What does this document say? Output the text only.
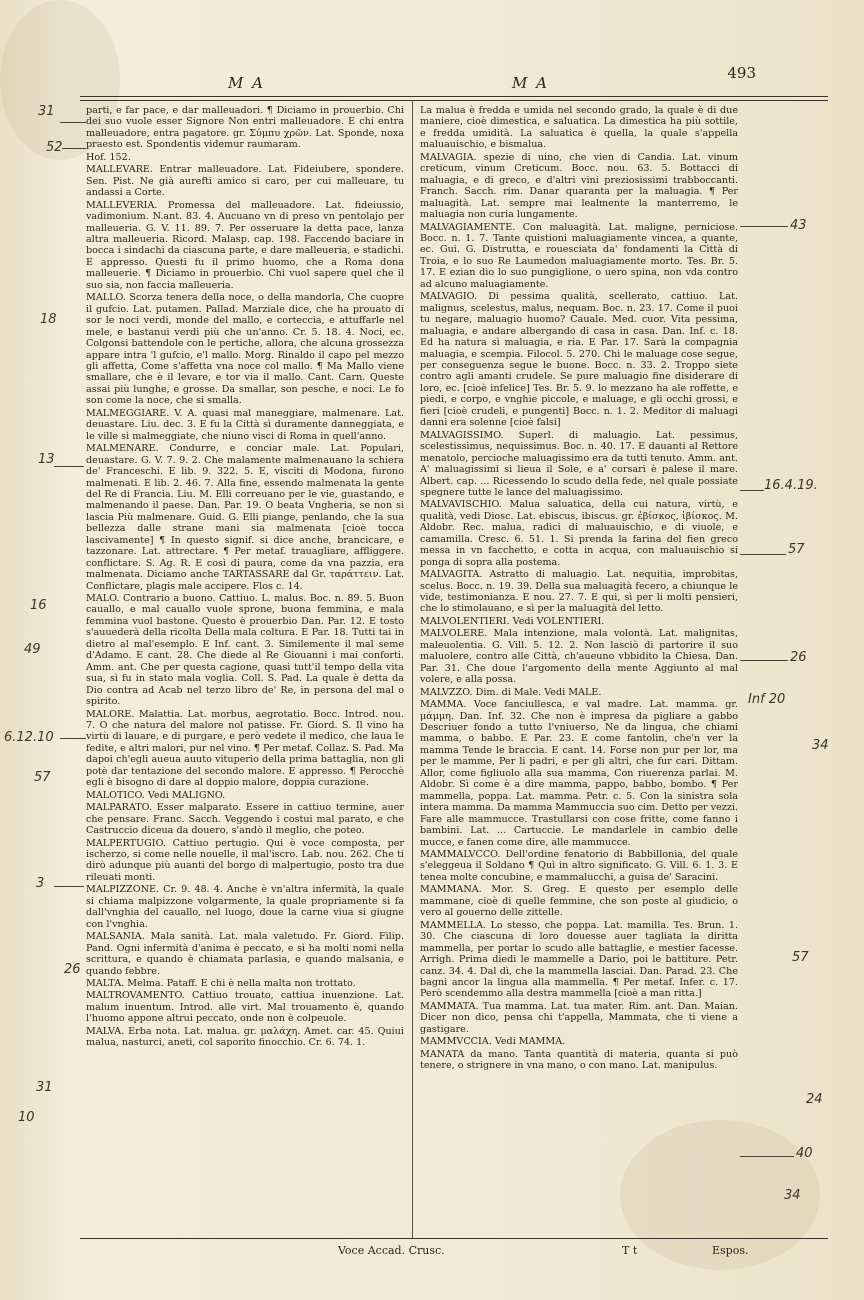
M A	M A
493

parti, e far pace, e dar malleuadori. ¶ Diciamo in prouerbio. Chi dei suo vuole esser Signore Non entri malleuadore. E chi entra malleuadore, entra pagatore. gr. Σύμπυ χρῶν. Lat. Sponde, noxa praesto est. Spondentis videmur raumaram.

Hof. 152.

MALLEVARE. Entrar malleuadore. Lat. Fideiubere, spondere. Sen. Pist. Ne già aurefti amico si caro, per cui malleuare, tu andassi a Corte.

MALLEVERIA. Promessa del malleuadore. Lat. fideiussio, vadimonium. N.ant. 83. 4. Aucuano vn di preso vn pentolajo per malleueria. G. V. 11. 89. 7. Per osseruare la detta pace, lanza altra malleueria. Ricord. Malasp. cap. 198. Faccendo baciare in bocca i sindachi da ciascuna parte, e dare malleueria, e stadichi. E appresso. Questi fu il primo huomo, che a Roma dona malleuerie. ¶ Diciamo in prouerbio. Chi vuol sapere quel che il suo sia, non faccia malleueria.

MALLO. Scorza tenera della noce, o della mandorla, Che cuopre il gufcio. Lat. putamen. Pallad. Marziale dice, che ha prouato di sor le noci verdi, monde del mallo, e corteccia, e attuffarle nel mele, e bastanui verdi più che un'anno. Cr. 5. 18. 4. Noci, ec. Colgonsi battendole con le pertiche, allora, che alcuna grossezza appare intra 'l gufcio, e'l mallo. Morg. Rinaldo il capo pel mezzo gli affetta, Come s'affetta vna noce col mallo. ¶ Ma Mallo viene smallare, che è il levare, e tor via il mallo. Cant. Carn. Queste assai più lunghe, e grosse. Da smallar, son pesche, e noci. Le fo son come la noce, che si smalla.

MALMEGGIARE. V. A. quasi mal maneggiare, malmenare. Lat. deuastare. Liu. dec. 3. E fu la Città sì duramente danneggiata, e le ville sì malmeggiate, che niuno visci di Roma in quell'anno.

MALMENARE. Condurre, e conciar male. Lat. Populari, deuastare. G. V. 7. 9. 2. Che malamente malmenauano la schiera de' Franceschi. E lib. 9. 322. 5. E, visciti di Modona, furono malmenati. E lib. 2. 46. 7. Alla fine, essendo malmenata la gente del Re di Francia. Liu. M. Elli correuano per le vie, guastando, e malmenando il paese. Dan. Par. 19. O beata Vngheria, se non si lascia Più malmenare. Guid. G. Elli piange, penlando, che la sua bellezza dalle strane mani sia malmenata [cioè tocca lascivamente] ¶ In questo signif. si dice anche, brancicare, e tazzonare. Lat. attrectare. ¶ Per metaf. trauagliare, affliggere. conflictare. S. Ag. R. E così di paura, come da vna pazzia, era malmenata. Diciamo anche TARTASSARE dal Gr. ταράττειν. Lat. Conflictare, plagis male accipere. Flos c. 14.

MALO. Contrario a buono. Cattiuo. L. malus. Boc. n. 89. 5. Buon cauallo, e mal cauallo vuole sprone, buona femmina, e mala femmina vuol bastone. Questo è prouerbio Dan. Par. 12. E tosto s'auuederà della ricolta Della mala coltura. E Par. 18. Tutti tai in dietro al mal'esemplo. E Inf. cant. 3. Similemente il mal seme d'Adamo. E cant. 28. Che diede al Re Giouanni i mai conforti. Amm. ant. Che per questa cagione, quasi tutt'il tempo della vita sua, sì fu in stato mala voglia. Coll. S. Pad. La quale è detta da Dio contra ad Acab nel terzo libro de' Re, in persona del mal o spirito.

MALORE. Malattia. Lat. morbus, aegrotatio. Bocc. Introd. nou. 7. O che natura del malore nol patisse. Fr. Giord. S. Il vino ha virtù di lauare, e di purgare, e però vedete il medico, che laua le fedite, e altri malori, pur nel vino. ¶ Per metaf. Collaz. S. Pad. Ma dapoi ch'egli aueua auuto vituperio della prima battaglia, non gli potè dar tentazione del secondo malore. E appresso. ¶ Perocchè egli è bisogno di dare al doppio malore, doppia curazione.

MALOTICO. Vedi MALIGNO.

MALPARATO. Esser malparato. Essere in cattiuo termine, auer che pensare. Franc. Sacch. Veggendo i costui mal parato, e che Castruccio diceua da douero, s'andò il meglio, che poteo.

MALPERTUGIO. Cattiuo pertugio. Qui è voce composta, per ischerzo, si come nelle nouelle, il mal'iscro. Lab. nou. 262. Che ti dirò adunque più auanti del borgo di malpertugio, posto tra due rileuati monti.

MALPIZZONE. Cr. 9. 48. 4. Anche è vn'altra infermità, la quale si chiama malpizzone volgarmente, la quale propriamente si fa dall'vnghia del cauallo, nel luogo, doue la carne viua si giugne con l'vnghia.

MALSANIA. Mala sanità. Lat. mala valetudo. Fr. Giord. Filip. Pand. Ogni infermità d'anima è peccato, e sì ha molti nomi nella scrittura, e quando è chiamata parlasia, e quando malsania, e quando febbre.

MALTA. Melma. Pataff. E chi è nella malta non trottato.

MALTROVAMENTO. Cattiuo trouato, cattiua inuenzione. Lat. malum inuentum. Introd. alle virt. Mal trouamento è, quando l'huomo appone altrui peccato, onde non è colpeuole.

MALVA. Erba nota. Lat. malua. gr. μαλάχη. Amet. car. 45. Quiui malua, nasturci, aneti, col saporito finocchio. Cr. 6. 74. 1.

La malua è fredda e umida nel secondo grado, la quale è di due maniere, cioè dimestica, e saluatica. La dimestica ha più sottile, e fredda umidità. La saluatica è quella, la quale s'appella maluauischio, e bismalua.

MALVAGIA. spezie di uino, che vien di Candia. Lat. vinum creticum, vinum Creticum. Bocc. nou. 63. 5. Bottacci di maluagia, e di greco, e d'altri vini preziosissimi trabboccanti. Franch. Sacch. rim. Danar quaranta per la maluagia. ¶ Per maluagità. Lat. sempre mai lealmente la manterremo, le maluagia non curia lungamente.

MALVAGIAMENTE. Con maluagità. Lat. maligne, perniciose. Bocc. n. 1. 7. Tante quistioni maluagiamente vincea, a quante, ec. Gui. G. Distrutta, e rouesciata da' fondamenti la Città di Troia, e lo suo Re Laumedon maluagiamente morto. Tes. Br. 5. 17. E ezian dio lo suo pungiglione, o uero spina, non vda contro ad alcuno maluagiamente.

MALVAGIO. Di pessima qualità, scellerato, cattiuo. Lat. malignus, scelestus, malus, nequam. Boc. n. 23. 17. Come il puoi tu negare, maluagio huomo? Cauale. Med. cuor. Vita pessima, maluagia, e andare albergando di casa in casa. Dan. Inf. c. 18. Ed ha natura sì maluagia, e ria. E Par. 17. Sarà la compagnia maluagia, e scempia. Filocol. 5. 270. Chi le maluage cose segue, per conseguenza segue le buone. Bocc. n. 33. 2. Troppo siete contro agli amanti crudele. Se pure maluagio fine disiderare di loro, ec. [cioè infelice] Tes. Br. 5. 9. lo mezzano ha ale roffette, e piedi, e corpo, e vnghie piccole, e maluage, e gli occhi grossi, e fieri [cioè crudeli, e pungenti] Bocc. n. 1. 2. Meditor di maluagi danni era solenne [cioè falsi]

MALVAGISSIMO. Superl. di maluagio. Lat. pessimus, scelestissimus, nequissimus. Boc. n. 40. 17. E dauanti al Rettore menatolo, percioche maluagissimo era da tutti tenuto. Amm. ant. A' maluagissimi si lieua il Sole, e a' corsari è palese il mare. Albert. cap. ... Ricessendo lo scudo della fede, nel quale possiate spegnere tutte le lance del maluagissimo.

MALVAVISCHIO. Malua saluatica, della cui natura, virtù, e qualità, vedi Diosc. Lat. ebiscus, ibiscus. gr. ἐβίσκος, ἰβίσκος. M. Aldobr. Rec. malua, radici di maluauischio, e di viuole, e camamilla. Cresc. 6. 51. 1. Si prenda la farina del fien greco messa in vn facchetto, e cotta in acqua, con maluauischio si ponga di sopra alla postema.

MALVAGITA. Astratto di maluagio. Lat. nequitia, improbitas, scelus. Bocc. n. 19. 39. Della sua maluagità fecero, a chiunque le vide, testimonianza. E nou. 27. 7. E qui, sì per li molti pensieri, che lo stimolauano, e sì per la maluagità del letto.

MALVOLENTIERI. Vedi VOLENTIERI.

MALVOLERE. Mala intenzione, mala volontà. Lat. malignitas, maleuolentia. G. Vill. 5. 12. 2. Non lasciò di partorire il suo maluolere, contro alle Città, ch'aueuno vbbidito la Chiesa. Dan. Par. 31. Che doue l'argomento della mente Aggiunto al mal volere, e alla possa.

MALVZZO. Dim. di Male. Vedi MALE.

MAMMA. Voce fanciullesca, e val madre. Lat. mamma. gr. μάμμη. Dan. Inf. 32. Che non è impresa da pigliare a gabbo Descriuer fondo a tutto l'vniuerso, Ne da lingua, che chiami mamma, o babbo. E Par. 23. E come fantolin, che'n ver la mamma Tende le braccia. E cant. 14. Forse non pur per lor, ma per le mamme, Per li padri, e per gli altri, che fur cari. Dittam. Allor, come figliuolo alla sua mamma, Con riuerenza parlai. M. Aldobr. Sì come è a dire mamma, pappo, babbo, bombo. ¶ Per mammella, poppa. Lat. mamma. Petr. c. 5. Con la sinistra sola intera mamma. Da mamma Mammuccia suo cim. Detto per vezzi. Fare alle mammucce. Trastullarsi con cose fritte, come fanno i bambini. Lat. ... Cartuccie. Le mandarlele in cambio delle mucce, e fanen come dire, alle mammucce.

MAMMALVCCO. Dell'ordine fenatorio di Babbillonia, del quale s'eleggeua il Soldano ¶ Quì in altro significato. G. Vill. 6. 1. 3. E tenea molte concubine, e mammalucchi, a guisa de' Saracini.

MAMMANA. Mor. S. Greg. E questo per esemplo delle mammane, cioè di quelle femmine, che son poste al giudicio, o vero al gouerno delle zittelle.

MAMMELLA. Lo stesso, che poppa. Lat. mamilla. Tes. Brun. 1. 30. Che ciascuna di loro douesse auer tagliata la diritta mammella, per portar lo scudo alle battaglie, e mestier facesse. Arrigh. Prima diedi le mammelle a Dario, poi le battiture. Petr. canz. 34. 4. Dal dì, che la mammella lasciai. Dan. Parad. 23. Che bagni ancor la lingua alla mammella. ¶ Per metaf. Infer. c. 17. Però scendemmo alla destra mammella [cioè a man ritta.]

MAMMATA. Tua mamma. Lat. tua mater. Rim. ant. Dan. Maian. Dicer non dico, pensa chi t'appella, Mammata, che ti viene a gastigare.

MAMMVCCIA. Vedi MAMMA.

MANATA da mano. Tanta quantità di materia, quanta si può tenere, o strignere in vna mano, o con mano. Lat. manipulus.

Voce Accad. Crusc.	T t	Espos.
31
52
18
13
16
49
6.12.10
57
3
31
26
10
43
16.4.19.
57
26
Inf 20
34
57
24
40
34
